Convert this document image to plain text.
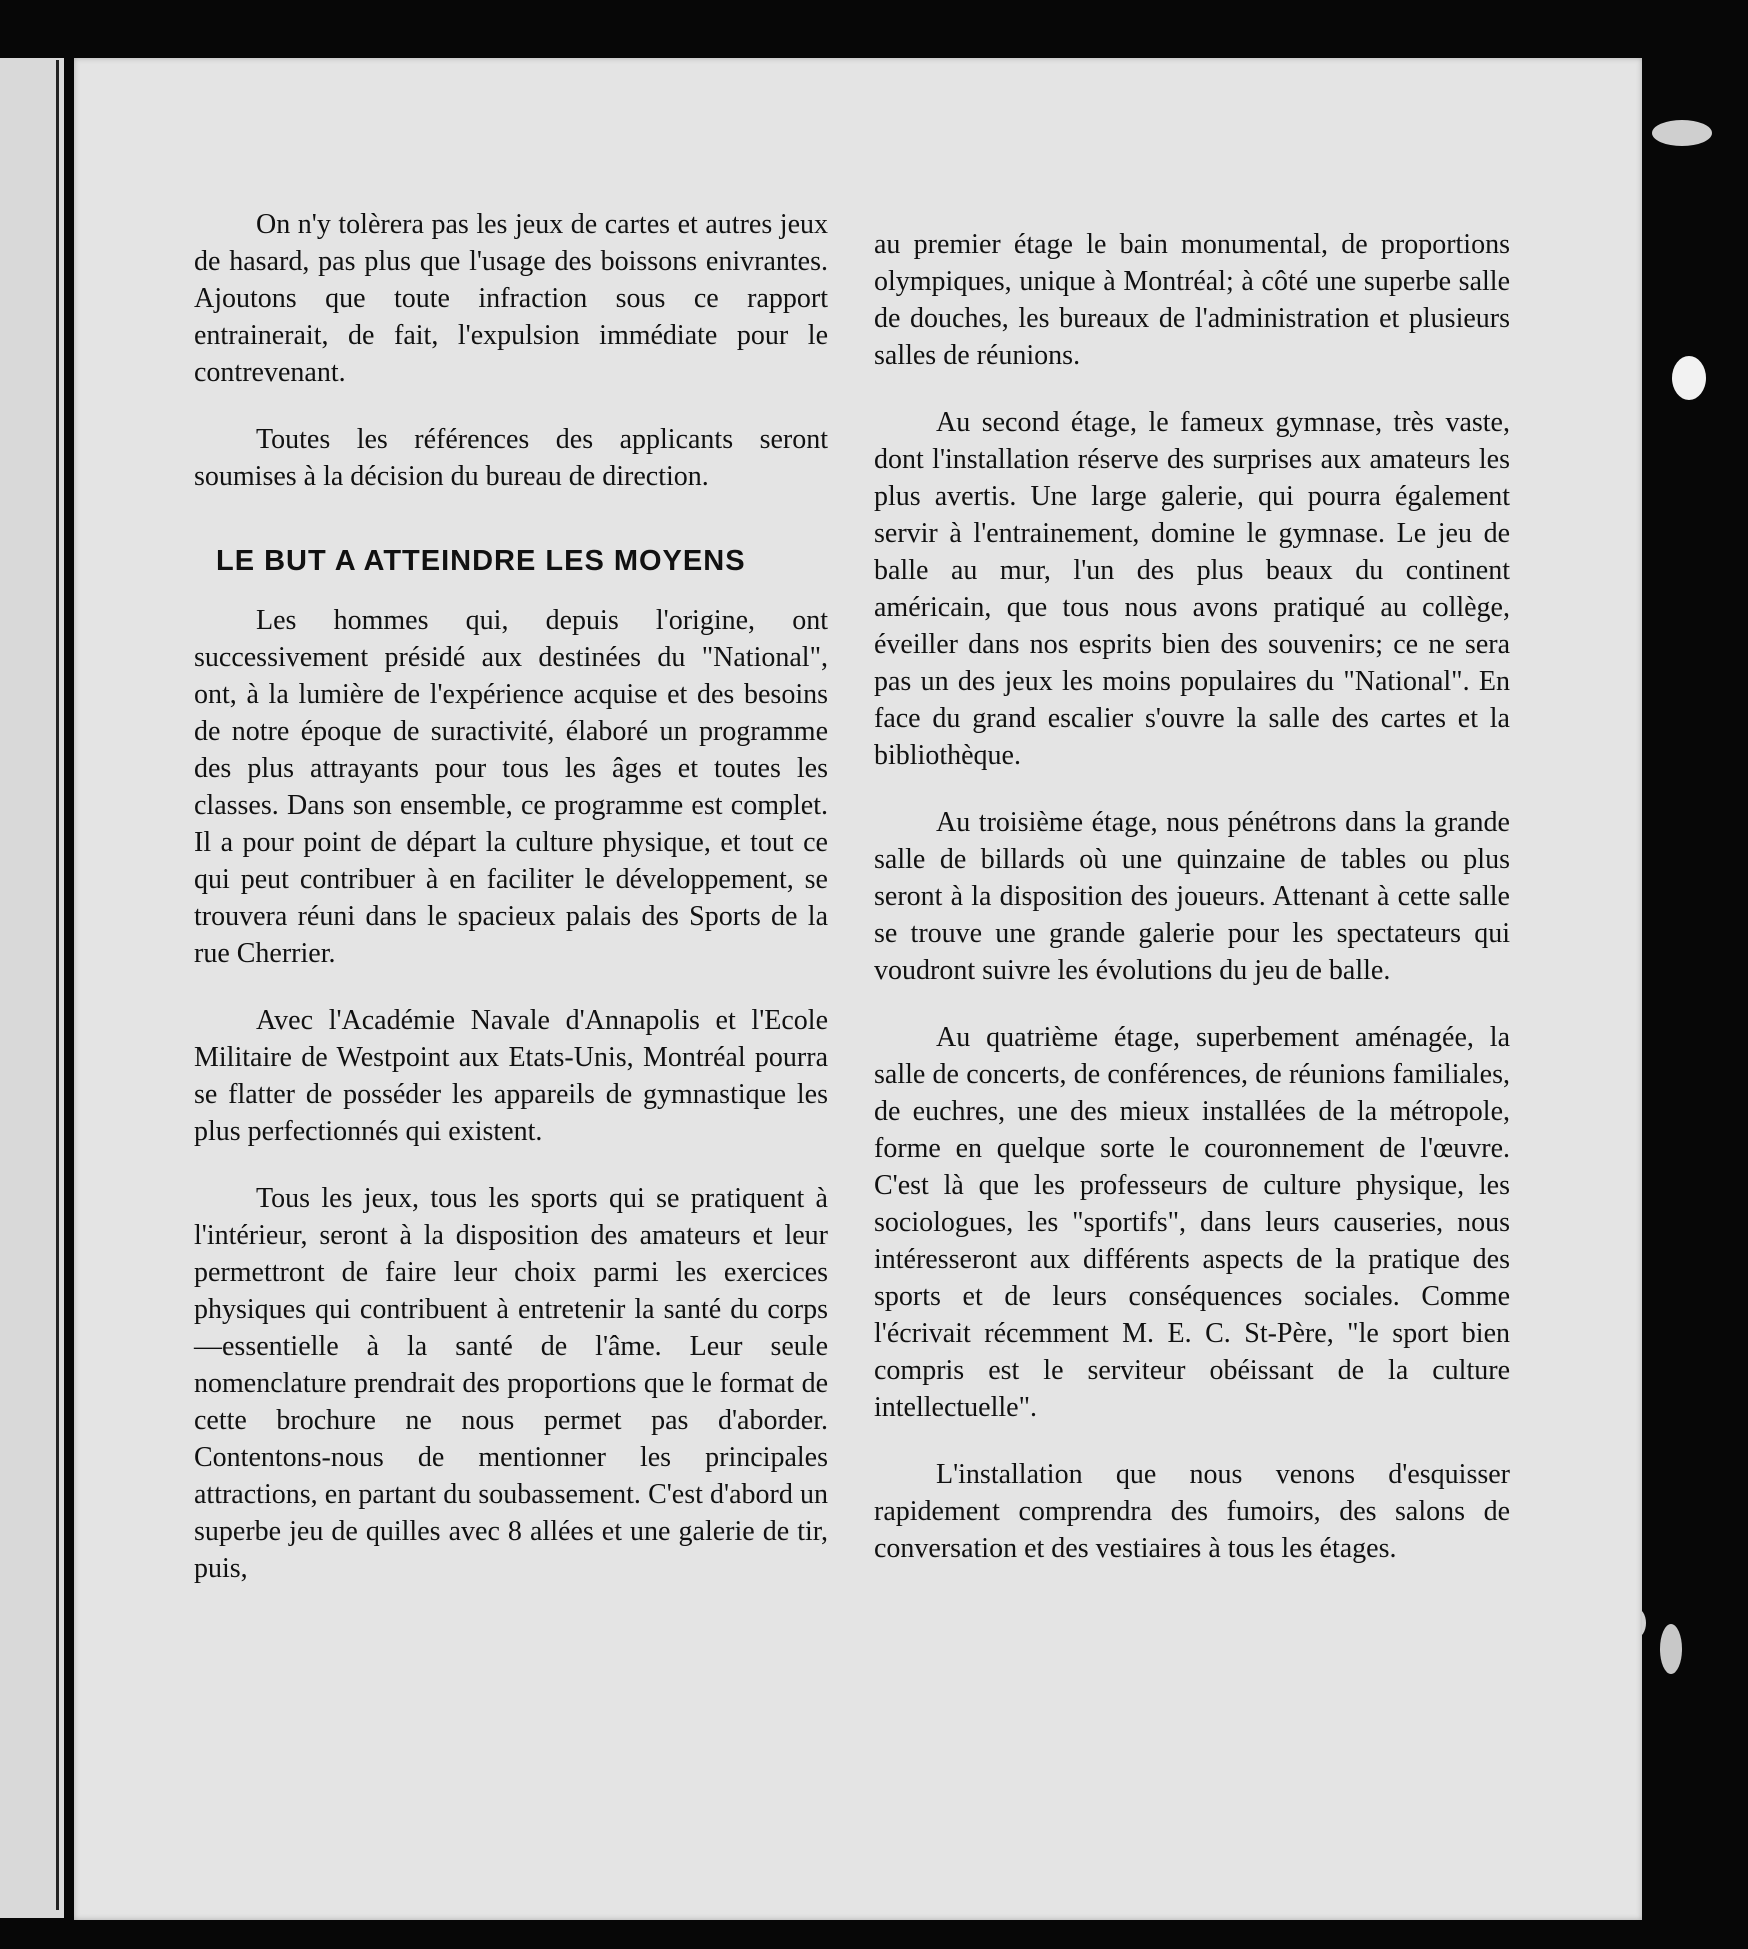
On n'y tolèrera pas les jeux de cartes et autres jeux de hasard, pas plus que l'usage des boissons enivrantes. Ajoutons que toute infraction sous ce rapport entrainerait, de fait, l'expulsion immédiate pour le contrevenant.

Toutes les références des applicants seront soumises à la décision du bureau de direction.

LE BUT A ATTEINDRE LES MOYENS

Les hommes qui, depuis l'origine, ont successivement présidé aux destinées du "National", ont, à la lumière de l'expérience acquise et des besoins de notre époque de suractivité, élaboré un programme des plus attrayants pour tous les âges et toutes les classes. Dans son ensemble, ce programme est complet. Il a pour point de départ la culture physique, et tout ce qui peut contribuer à en faciliter le développement, se trouvera réuni dans le spacieux palais des Sports de la rue Cherrier.

Avec l'Académie Navale d'Annapolis et l'Ecole Militaire de Westpoint aux Etats-Unis, Montréal pourra se flatter de posséder les appareils de gymnastique les plus perfectionnés qui existent.

Tous les jeux, tous les sports qui se pratiquent à l'intérieur, seront à la disposition des amateurs et leur permettront de faire leur choix parmi les exercices physiques qui contribuent à entretenir la santé du corps—essentielle à la santé de l'âme. Leur seule nomenclature prendrait des proportions que le format de cette brochure ne nous permet pas d'aborder. Contentons-nous de mentionner les principales attractions, en partant du soubassement. C'est d'abord un superbe jeu de quilles avec 8 allées et une galerie de tir, puis,

au premier étage le bain monumental, de proportions olympiques, unique à Montréal; à côté une superbe salle de douches, les bureaux de l'administration et plusieurs salles de réunions.

Au second étage, le fameux gymnase, très vaste, dont l'installation réserve des surprises aux amateurs les plus avertis. Une large galerie, qui pourra également servir à l'entrainement, domine le gymnase. Le jeu de balle au mur, l'un des plus beaux du continent américain, que tous nous avons pratiqué au collège, éveiller dans nos esprits bien des souvenirs; ce ne sera pas un des jeux les moins populaires du "National". En face du grand escalier s'ouvre la salle des cartes et la bibliothèque.

Au troisième étage, nous pénétrons dans la grande salle de billards où une quinzaine de tables ou plus seront à la disposition des joueurs. Attenant à cette salle se trouve une grande galerie pour les spectateurs qui voudront suivre les évolutions du jeu de balle.

Au quatrième étage, superbement aménagée, la salle de concerts, de conférences, de réunions familiales, de euchres, une des mieux installées de la métropole, forme en quelque sorte le couronnement de l'œuvre. C'est là que les professeurs de culture physique, les sociologues, les "sportifs", dans leurs causeries, nous intéresseront aux différents aspects de la pratique des sports et de leurs conséquences sociales. Comme l'écrivait récemment M. E. C. St-Père, "le sport bien compris est le serviteur obéissant de la culture intellectuelle".

L'installation que nous venons d'esquisser rapidement comprendra des fumoirs, des salons de conversation et des vestiaires à tous les étages.
